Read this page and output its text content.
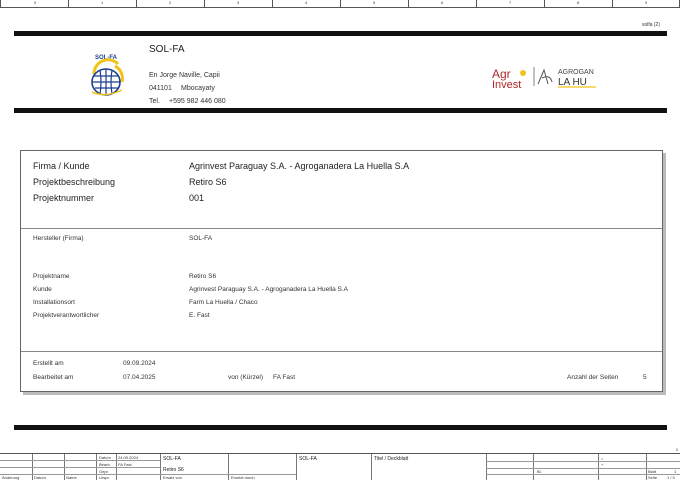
0	1	2	3	4	5	6	7	8	9
solfa (2)
SOL-FA
SOL-FA
En Jorge Naville, Capii
041101 Mbocayaty
Tel. +595 982 446 080
Agr
Invest
AGROGAN
LA HU
Firma / Kunde	Agrinvest Paraguay S.A. - Agroganadera La Huella S.A
Projektbeschreibung	Retiro S6
Projektnummer	001
Hersteller (Firma)	SOL-FA
Projektname	Retiro S6
Kunde	Agrinvest Paraguay S.A. - Agroganadera La Huella S.A
Installationsort	Farm La Huella / Chaco
Projektverantwortlicher	E. Fast
Erstellt am	09.09.2024
Bearbeitet am	07.04.2025	von (Kürzel) FA Fast	Anzahl der Seiten	5
2
Datum 24.09.2024
Bearb. FA Fast
Gepr.
Änderung	Datum	Name	Urspr.	Ersatz von	Ersetzt durch
SOL-FA
Retiro S6
SOL-FA	Titel / Deckblatt	=
+
Bl.	Blatt	1
Seite 1 / 5
